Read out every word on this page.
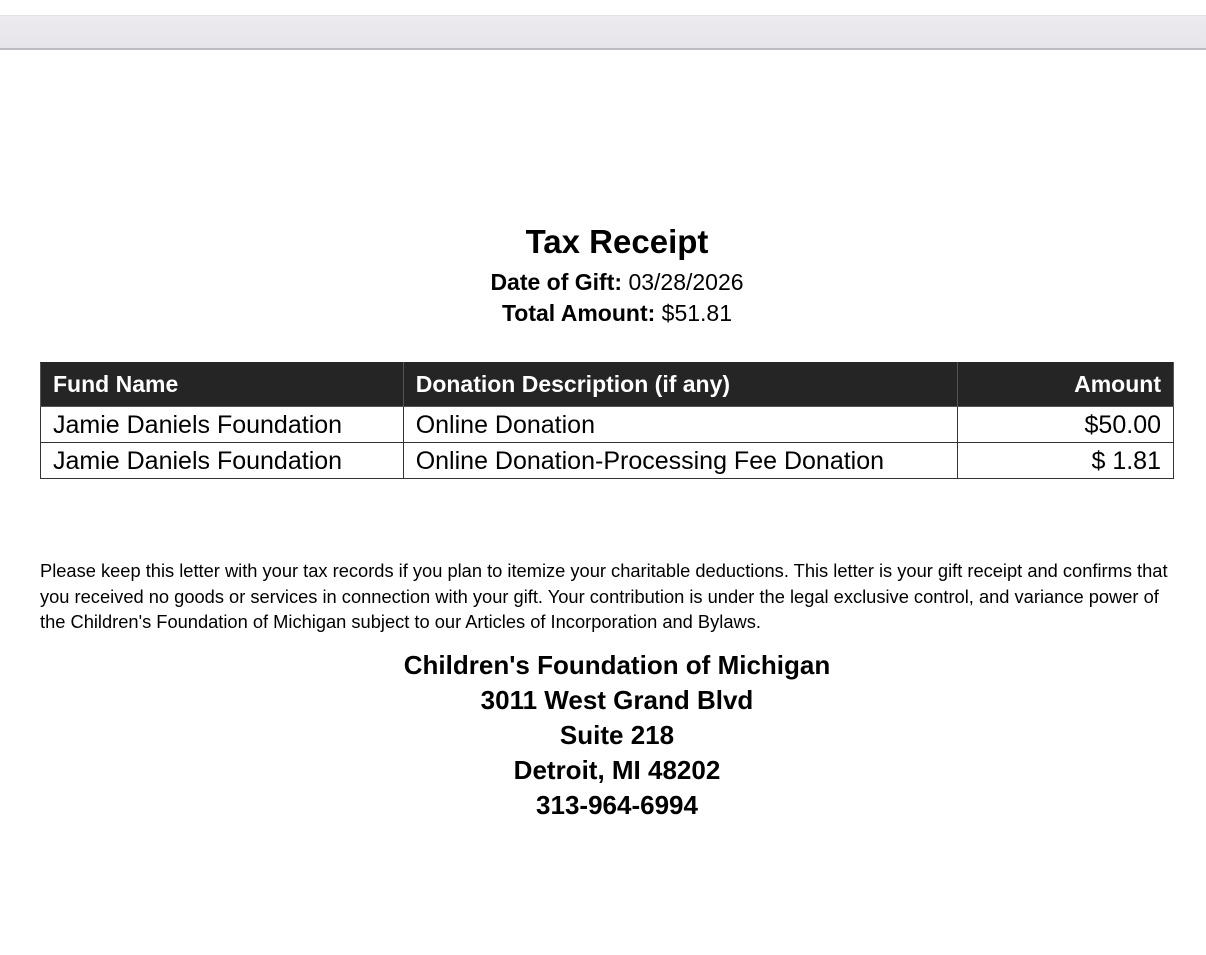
Tax Receipt
Date of Gift: 03/28/2026
Total Amount: $51.81
Fund Name	Donation Description (if any)	Amount
Jamie Daniels Foundation	Online Donation	$50.00
Jamie Daniels Foundation	Online Donation-Processing Fee Donation	$ 1.81

Please keep this letter with your tax records if you plan to itemize your charitable deductions. This letter is your gift receipt and confirms that you received no goods or services in connection with your gift. Your contribution is under the legal exclusive control, and variance power of the Children's Foundation of Michigan subject to our Articles of Incorporation and Bylaws.

Children's Foundation of Michigan
3011 West Grand Blvd
Suite 218
Detroit, MI 48202
313-964-6994
